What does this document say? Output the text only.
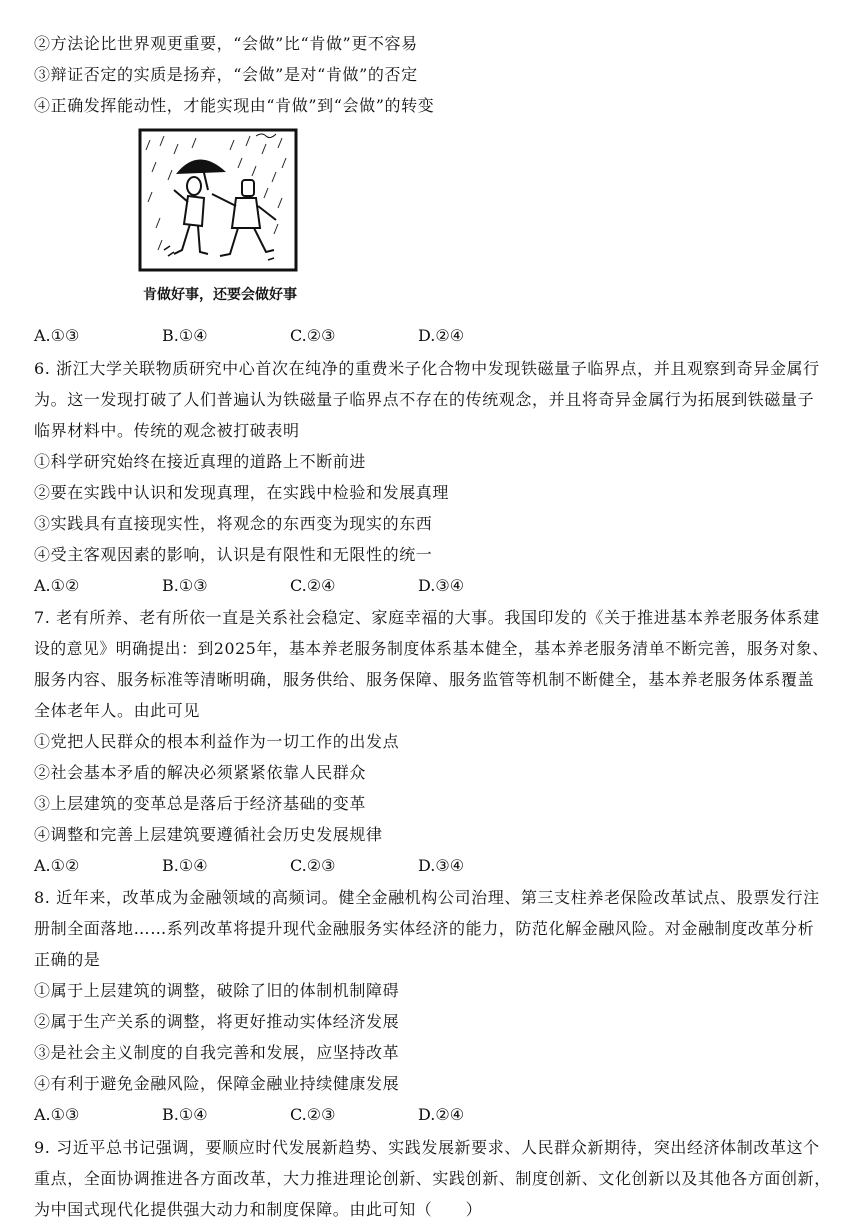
②方法论比世界观更重要，“会做”比“肯做”更不容易
③辩证否定的实质是扬弃，“会做”是对“肯做”的否定
④正确发挥能动性，才能实现由“肯做”到“会做”的转变
肯做好事，还要会做好事
A.①③	B.①④	C.②③	D.②④
6. 浙江大学关联物质研究中心首次在纯净的重费米子化合物中发现铁磁量子临界点，并且观察到奇异金属行
为。这一发现打破了人们普遍认为铁磁量子临界点不存在的传统观念，并且将奇异金属行为拓展到铁磁量子
临界材料中。传统的观念被打破表明
①科学研究始终在接近真理的道路上不断前进
②要在实践中认识和发现真理，在实践中检验和发展真理
③实践具有直接现实性，将观念的东西变为现实的东西
④受主客观因素的影响，认识是有限性和无限性的统一
A.①②	B.①③	C.②④	D.③④
7. 老有所养、老有所依一直是关系社会稳定、家庭幸福的大事。我国印发的《关于推进基本养老服务体系建
设的意见》明确提出：到2025年，基本养老服务制度体系基本健全，基本养老服务清单不断完善，服务对象、
服务内容、服务标准等清晰明确，服务供给、服务保障、服务监管等机制不断健全，基本养老服务体系覆盖
全体老年人。由此可见
①党把人民群众的根本利益作为一切工作的出发点
②社会基本矛盾的解决必须紧紧依靠人民群众
③上层建筑的变革总是落后于经济基础的变革
④调整和完善上层建筑要遵循社会历史发展规律
A.①②	B.①④	C.②③	D.③④
8. 近年来，改革成为金融领域的高频词。健全金融机构公司治理、第三支柱养老保险改革试点、股票发行注
册制全面落地……系列改革将提升现代金融服务实体经济的能力，防范化解金融风险。对金融制度改革分析
正确的是
①属于上层建筑的调整，破除了旧的体制机制障碍
②属于生产关系的调整，将更好推动实体经济发展
③是社会主义制度的自我完善和发展，应坚持改革
④有利于避免金融风险，保障金融业持续健康发展
A.①③	B.①④	C.②③	D.②④
9. 习近平总书记强调，要顺应时代发展新趋势、实践发展新要求、人民群众新期待，突出经济体制改革这个
重点，全面协调推进各方面改革，大力推进理论创新、实践创新、制度创新、文化创新以及其他各方面创新，
为中国式现代化提供强大动力和制度保障。由此可知（　　）
